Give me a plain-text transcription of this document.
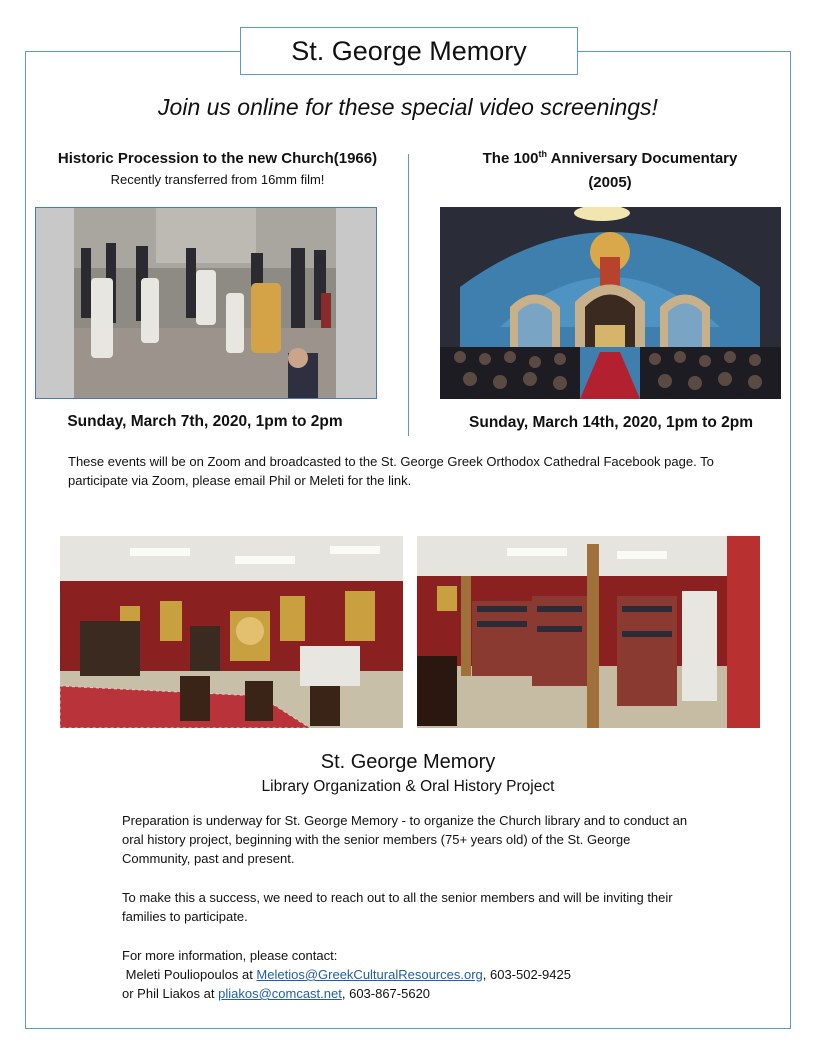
St. George Memory
Join us online for these special video screenings!
Historic Procession to the new Church(1966)
Recently transferred from 16mm film!
Sunday, March 7th, 2020, 1pm to 2pm
The 100th Anniversary Documentary
(2005)
Sunday, March 14th, 2020, 1pm to 2pm
These events will be on Zoom and broadcasted to the St. George Greek Orthodox Cathedral Facebook page. To participate via Zoom, please email Phil or Meleti for the link.
St. George Memory
Library Organization & Oral History Project
Preparation is underway for St. George Memory - to organize the Church library and to conduct an oral history project, beginning with the senior members (75+ years old) of the St. George Community, past and present.
To make this a success, we need to reach out to all the senior members and will be inviting their families to participate.
For more information, please contact:
Meleti Pouliopoulos at Meletios@GreekCulturalResources.org, 603-502-9425
or Phil Liakos at pliakos@comcast.net, 603-867-5620
